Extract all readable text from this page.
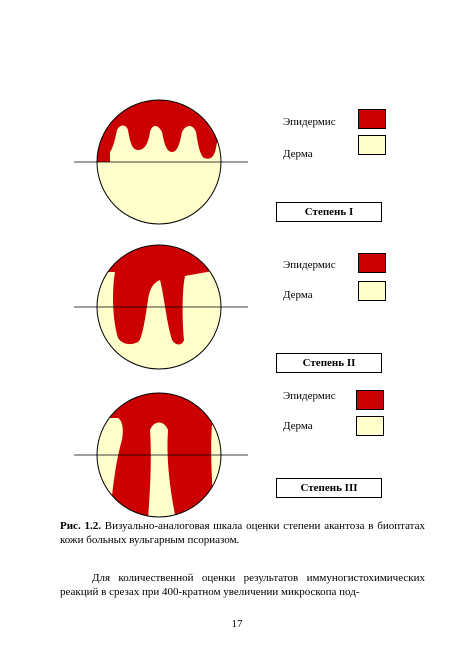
Эпидермис
Дерма
Степень I
Эпидермис
Дерма
Степень II
Эпидермис
Дерма
Степень III
Рис. 1.2. Визуально-аналоговая шкала оценки степени акантоза в биоптатах кожи больных вульгарным псориазом.
Для количественной оценки результатов иммуногистохимических реакций в срезах при 400-кратном увеличении микроскопа под-
17
